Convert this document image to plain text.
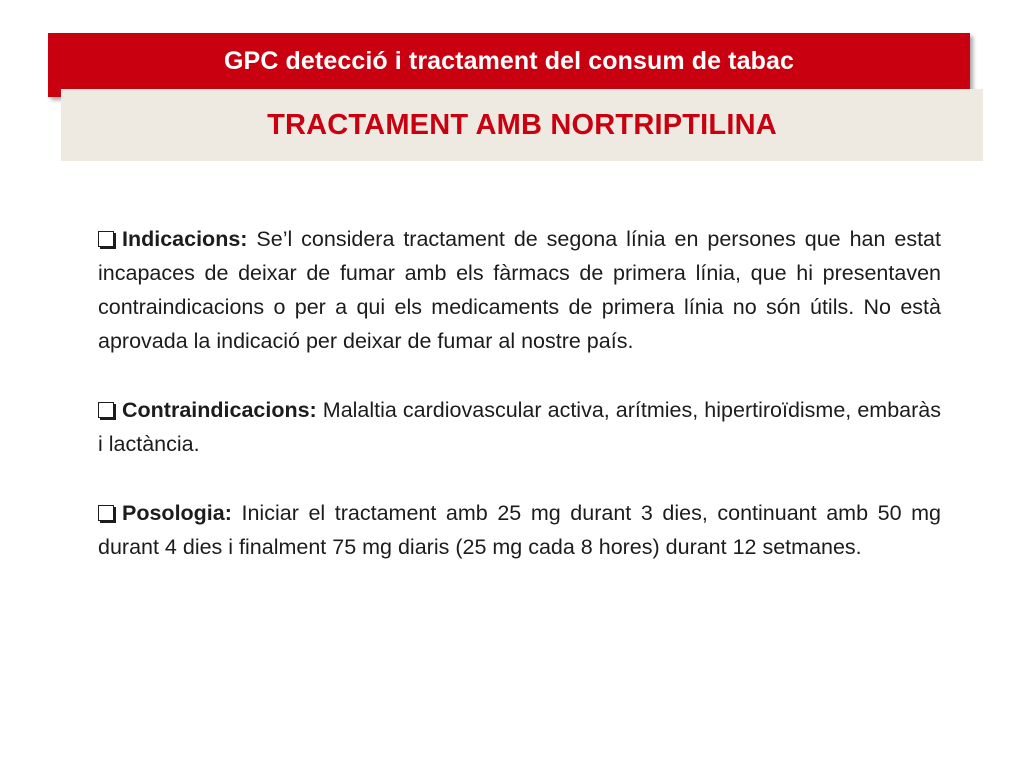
GPC detecció i tractament del consum de tabac
TRACTAMENT AMB NORTRIPTILINA

Indicacions: Se’l considera tractament de segona línia en persones que han estat incapaces de deixar de fumar amb els fàrmacs de primera línia, que hi presentaven contraindicacions o per a qui els medicaments de primera línia no són útils. No està aprovada la indicació per deixar de fumar al nostre país.

Contraindicacions: Malaltia cardiovascular activa, arítmies, hipertiroïdisme, embaràs i lactància.

Posologia: Iniciar el tractament amb 25 mg durant 3 dies, continuant amb 50 mg durant 4 dies i finalment 75 mg diaris (25 mg cada 8 hores) durant 12 setmanes.
